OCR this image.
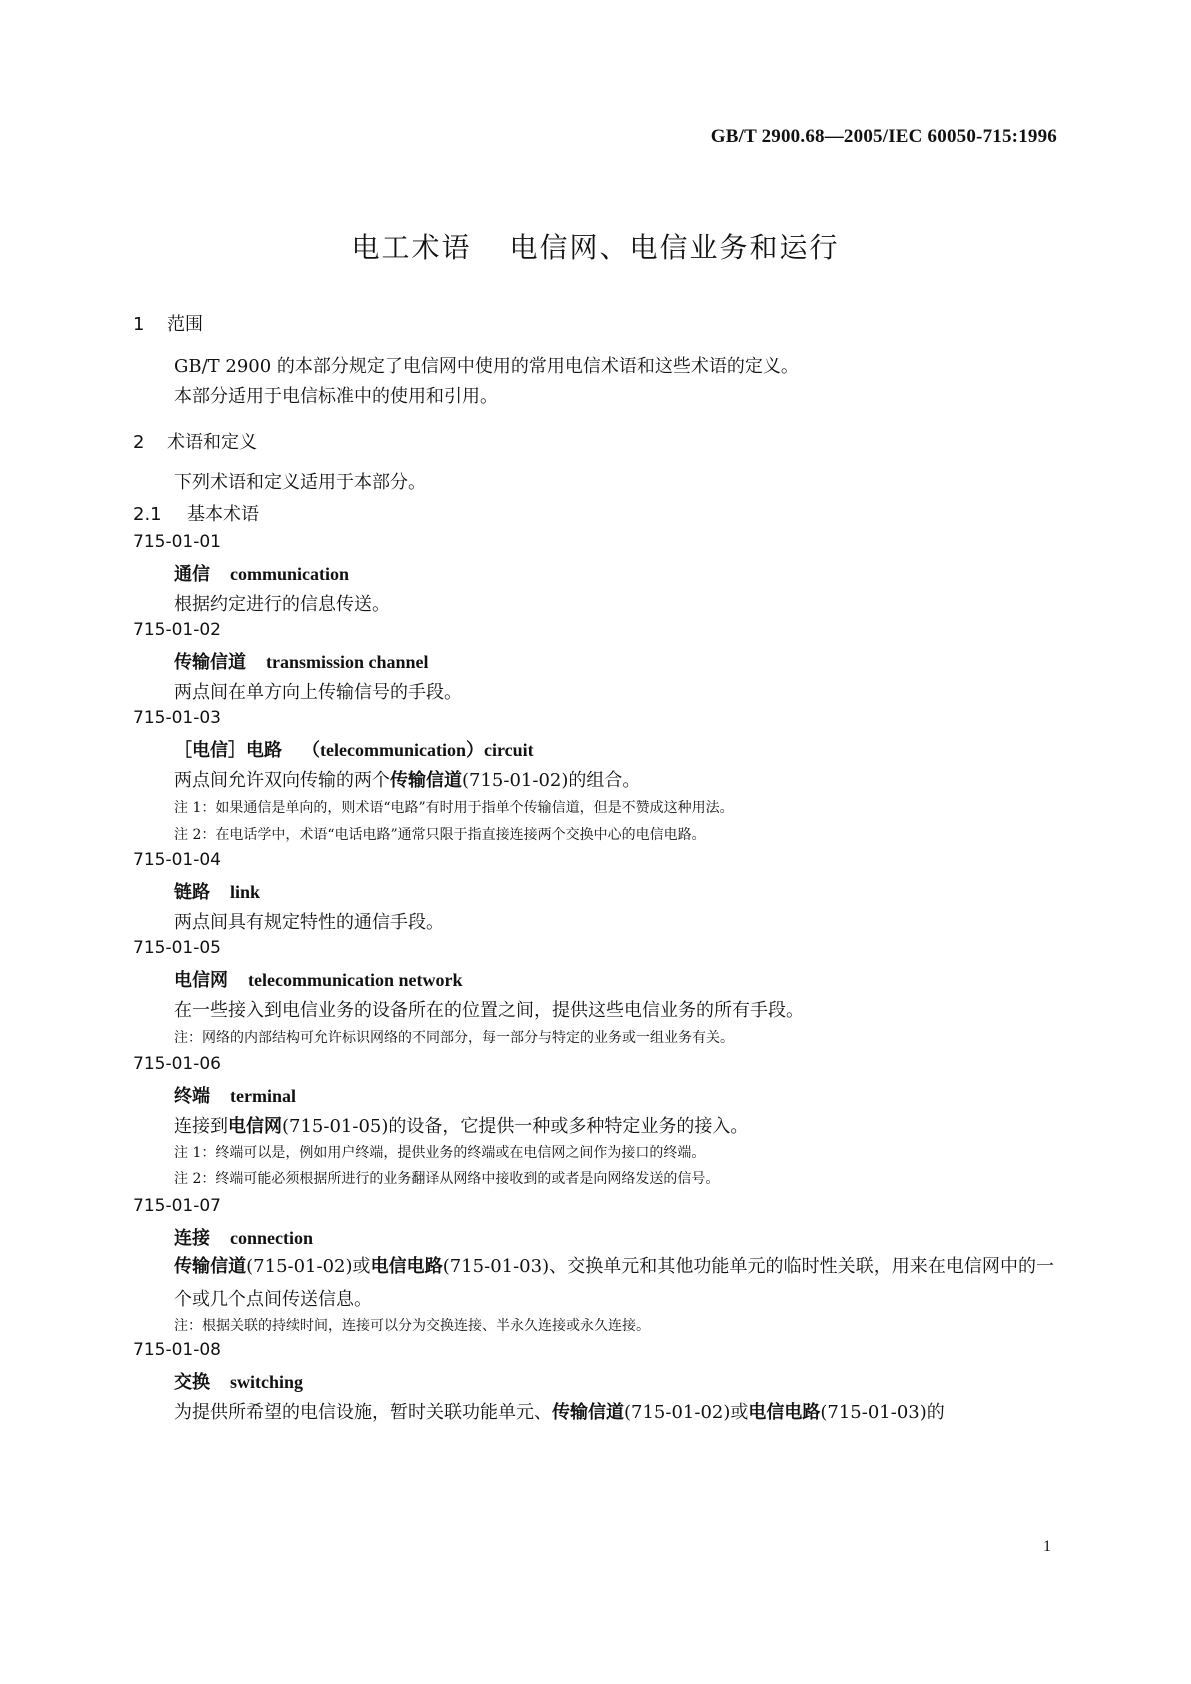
GB/T 2900.68—2005/IEC 60050-715:1996
电工术语 电信网、电信业务和运行
1 范围
GB/T 2900 的本部分规定了电信网中使用的常用电信术语和这些术语的定义。
本部分适用于电信标准中的使用和引用。
2 术语和定义
下列术语和定义适用于本部分。
2.1 基本术语
715-01-01
通信 communication
根据约定进行的信息传送。
715-01-02
传输信道 transmission channel
两点间在单方向上传输信号的手段。
715-01-03
［电信］电路 （telecommunication）circuit
两点间允许双向传输的两个传输信道(715-01-02)的组合。
注 1：如果通信是单向的，则术语“电路”有时用于指单个传输信道，但是不赞成这种用法。
注 2：在电话学中，术语“电话电路”通常只限于指直接连接两个交换中心的电信电路。
715-01-04
链路 link
两点间具有规定特性的通信手段。
715-01-05
电信网 telecommunication network
在一些接入到电信业务的设备所在的位置之间，提供这些电信业务的所有手段。
注：网络的内部结构可允许标识网络的不同部分，每一部分与特定的业务或一组业务有关。
715-01-06
终端 terminal
连接到电信网(715-01-05)的设备，它提供一种或多种特定业务的接入。
注 1：终端可以是，例如用户终端，提供业务的终端或在电信网之间作为接口的终端。
注 2：终端可能必须根据所进行的业务翻译从网络中接收到的或者是向网络发送的信号。
715-01-07
连接 connection
传输信道(715-01-02)或电信电路(715-01-03)、交换单元和其他功能单元的临时性关联，用来在电信网中的一个或几个点间传送信息。
注：根据关联的持续时间，连接可以分为交换连接、半永久连接或永久连接。
715-01-08
交换 switching
为提供所希望的电信设施，暂时关联功能单元、传输信道(715-01-02)或电信电路(715-01-03)的
1
